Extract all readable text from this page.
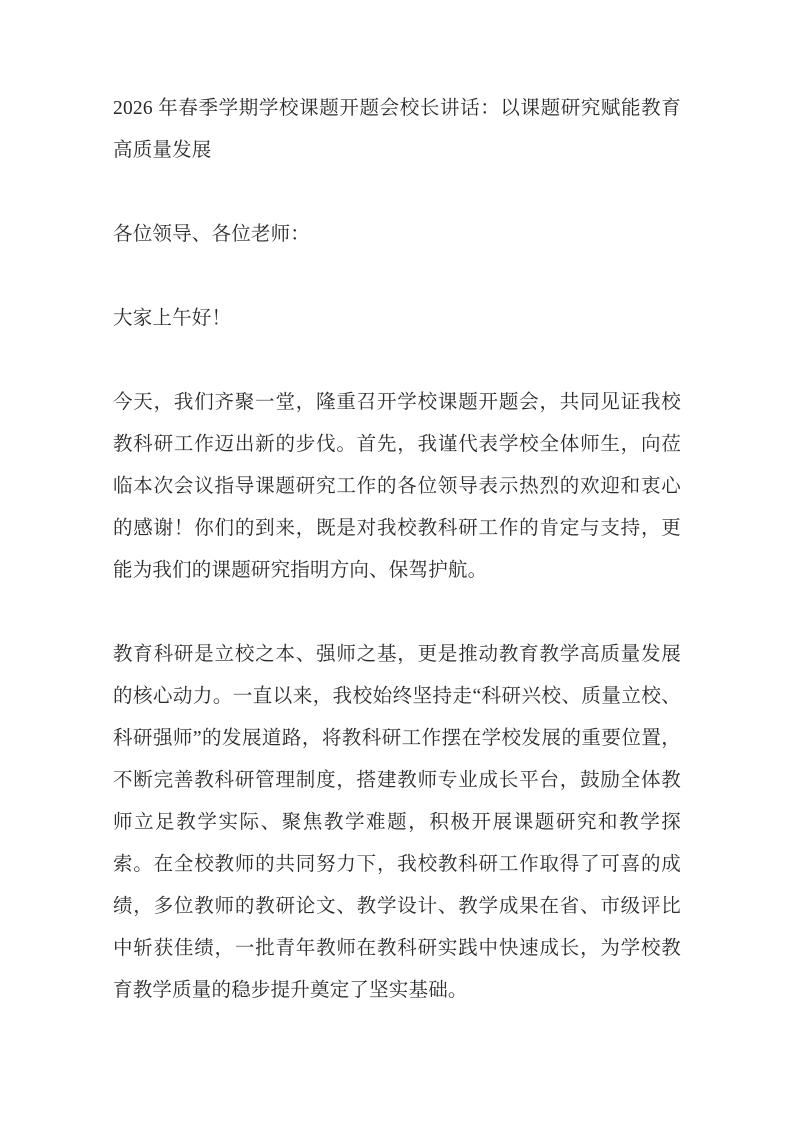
2026 年春季学期学校课题开题会校长讲话：以课题研究赋能教育高质量发展

各位领导、各位老师：

大家上午好！

今天，我们齐聚一堂，隆重召开学校课题开题会，共同见证我校教科研工作迈出新的步伐。首先，我谨代表学校全体师生，向莅临本次会议指导课题研究工作的各位领导表示热烈的欢迎和衷心的感谢！你们的到来，既是对我校教科研工作的肯定与支持，更能为我们的课题研究指明方向、保驾护航。

教育科研是立校之本、强师之基，更是推动教育教学高质量发展的核心动力。一直以来，我校始终坚持走“科研兴校、质量立校、科研强师”的发展道路，将教科研工作摆在学校发展的重要位置，不断完善教科研管理制度，搭建教师专业成长平台，鼓励全体教师立足教学实际、聚焦教学难题，积极开展课题研究和教学探索。在全校教师的共同努力下，我校教科研工作取得了可喜的成绩，多位教师的教研论文、教学设计、教学成果在省、市级评比中斩获佳绩，一批青年教师在教科研实践中快速成长，为学校教育教学质量的稳步提升奠定了坚实基础。
